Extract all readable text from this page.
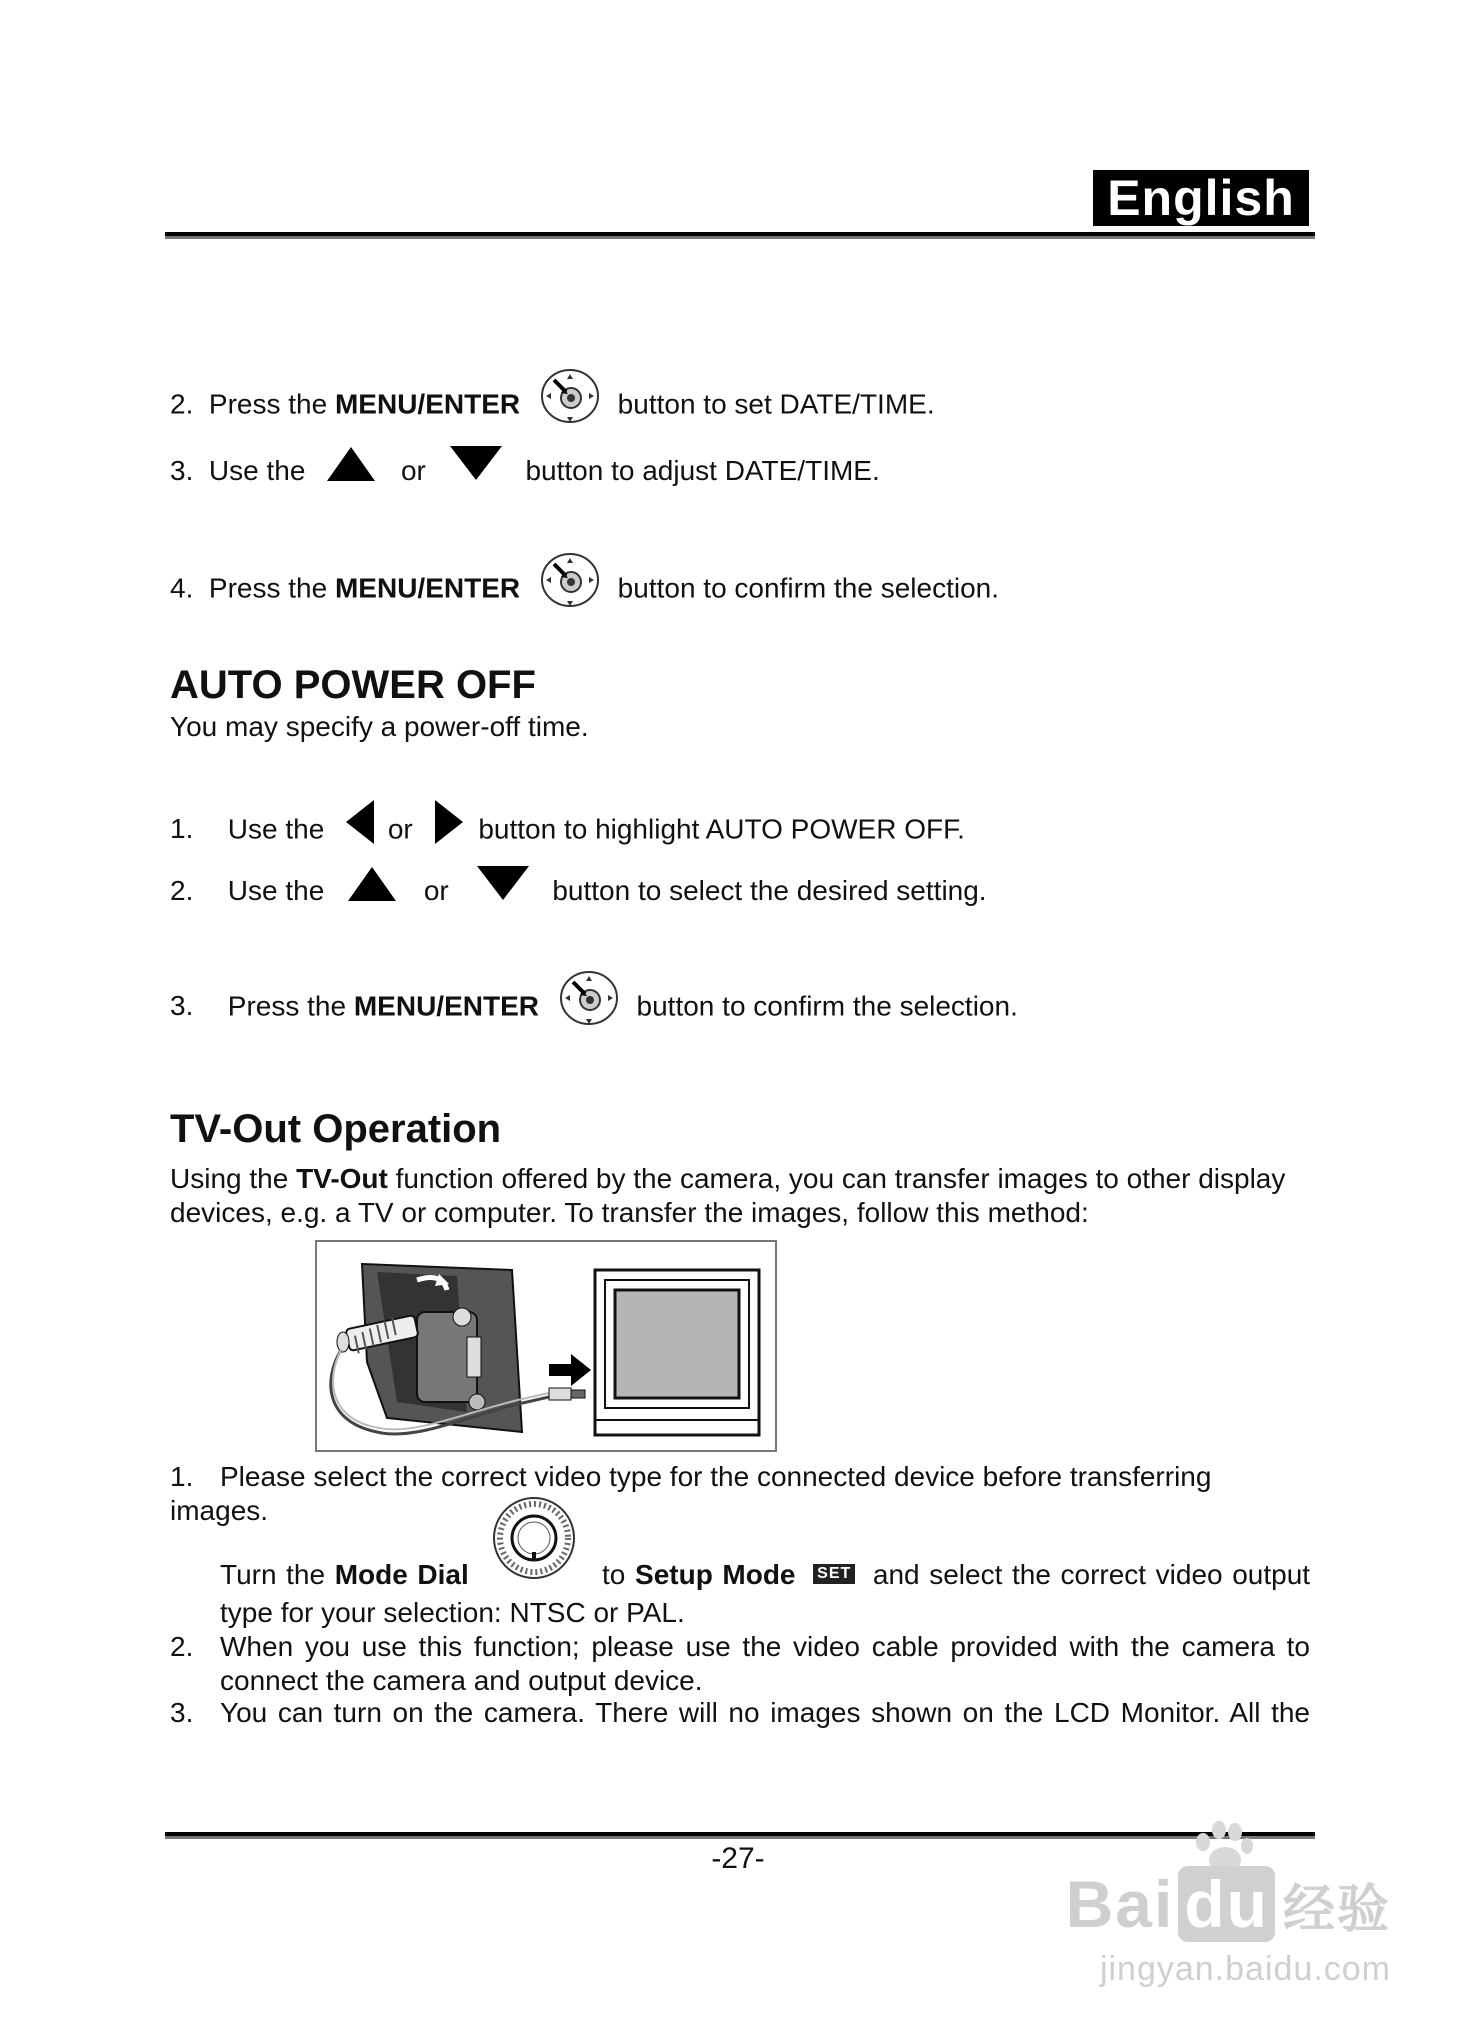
English
2. Press the MENU/ENTER	button to set DATE/TIME.
3. Use the	or	button to adjust DATE/TIME.
4. Press the MENU/ENTER	button to confirm the selection.
AUTO POWER OFF
You may specify a power-off time.
1. Use the or button to highlight AUTO POWER OFF.
2. Use the	or	button to select the desired setting.
3. Press the MENU/ENTER	button to confirm the selection.
TV-Out Operation
Using the TV-Out function offered by the camera, you can transfer images to other display
devices, e.g. a TV or computer. To transfer the images, follow this method:
1. Please select the correct video type for the connected device before transferring images.
Turn the Mode Dial	to Setup Mode SET and select the correct video output
type for your selection: NTSC or PAL.
2. When you use this function; please use the video cable provided with the camera to
connect the camera and output device.
3. You can turn on the camera. There will no images shown on the LCD Monitor. All the
-27-
Bai du 经验
jingyan.baidu.com
